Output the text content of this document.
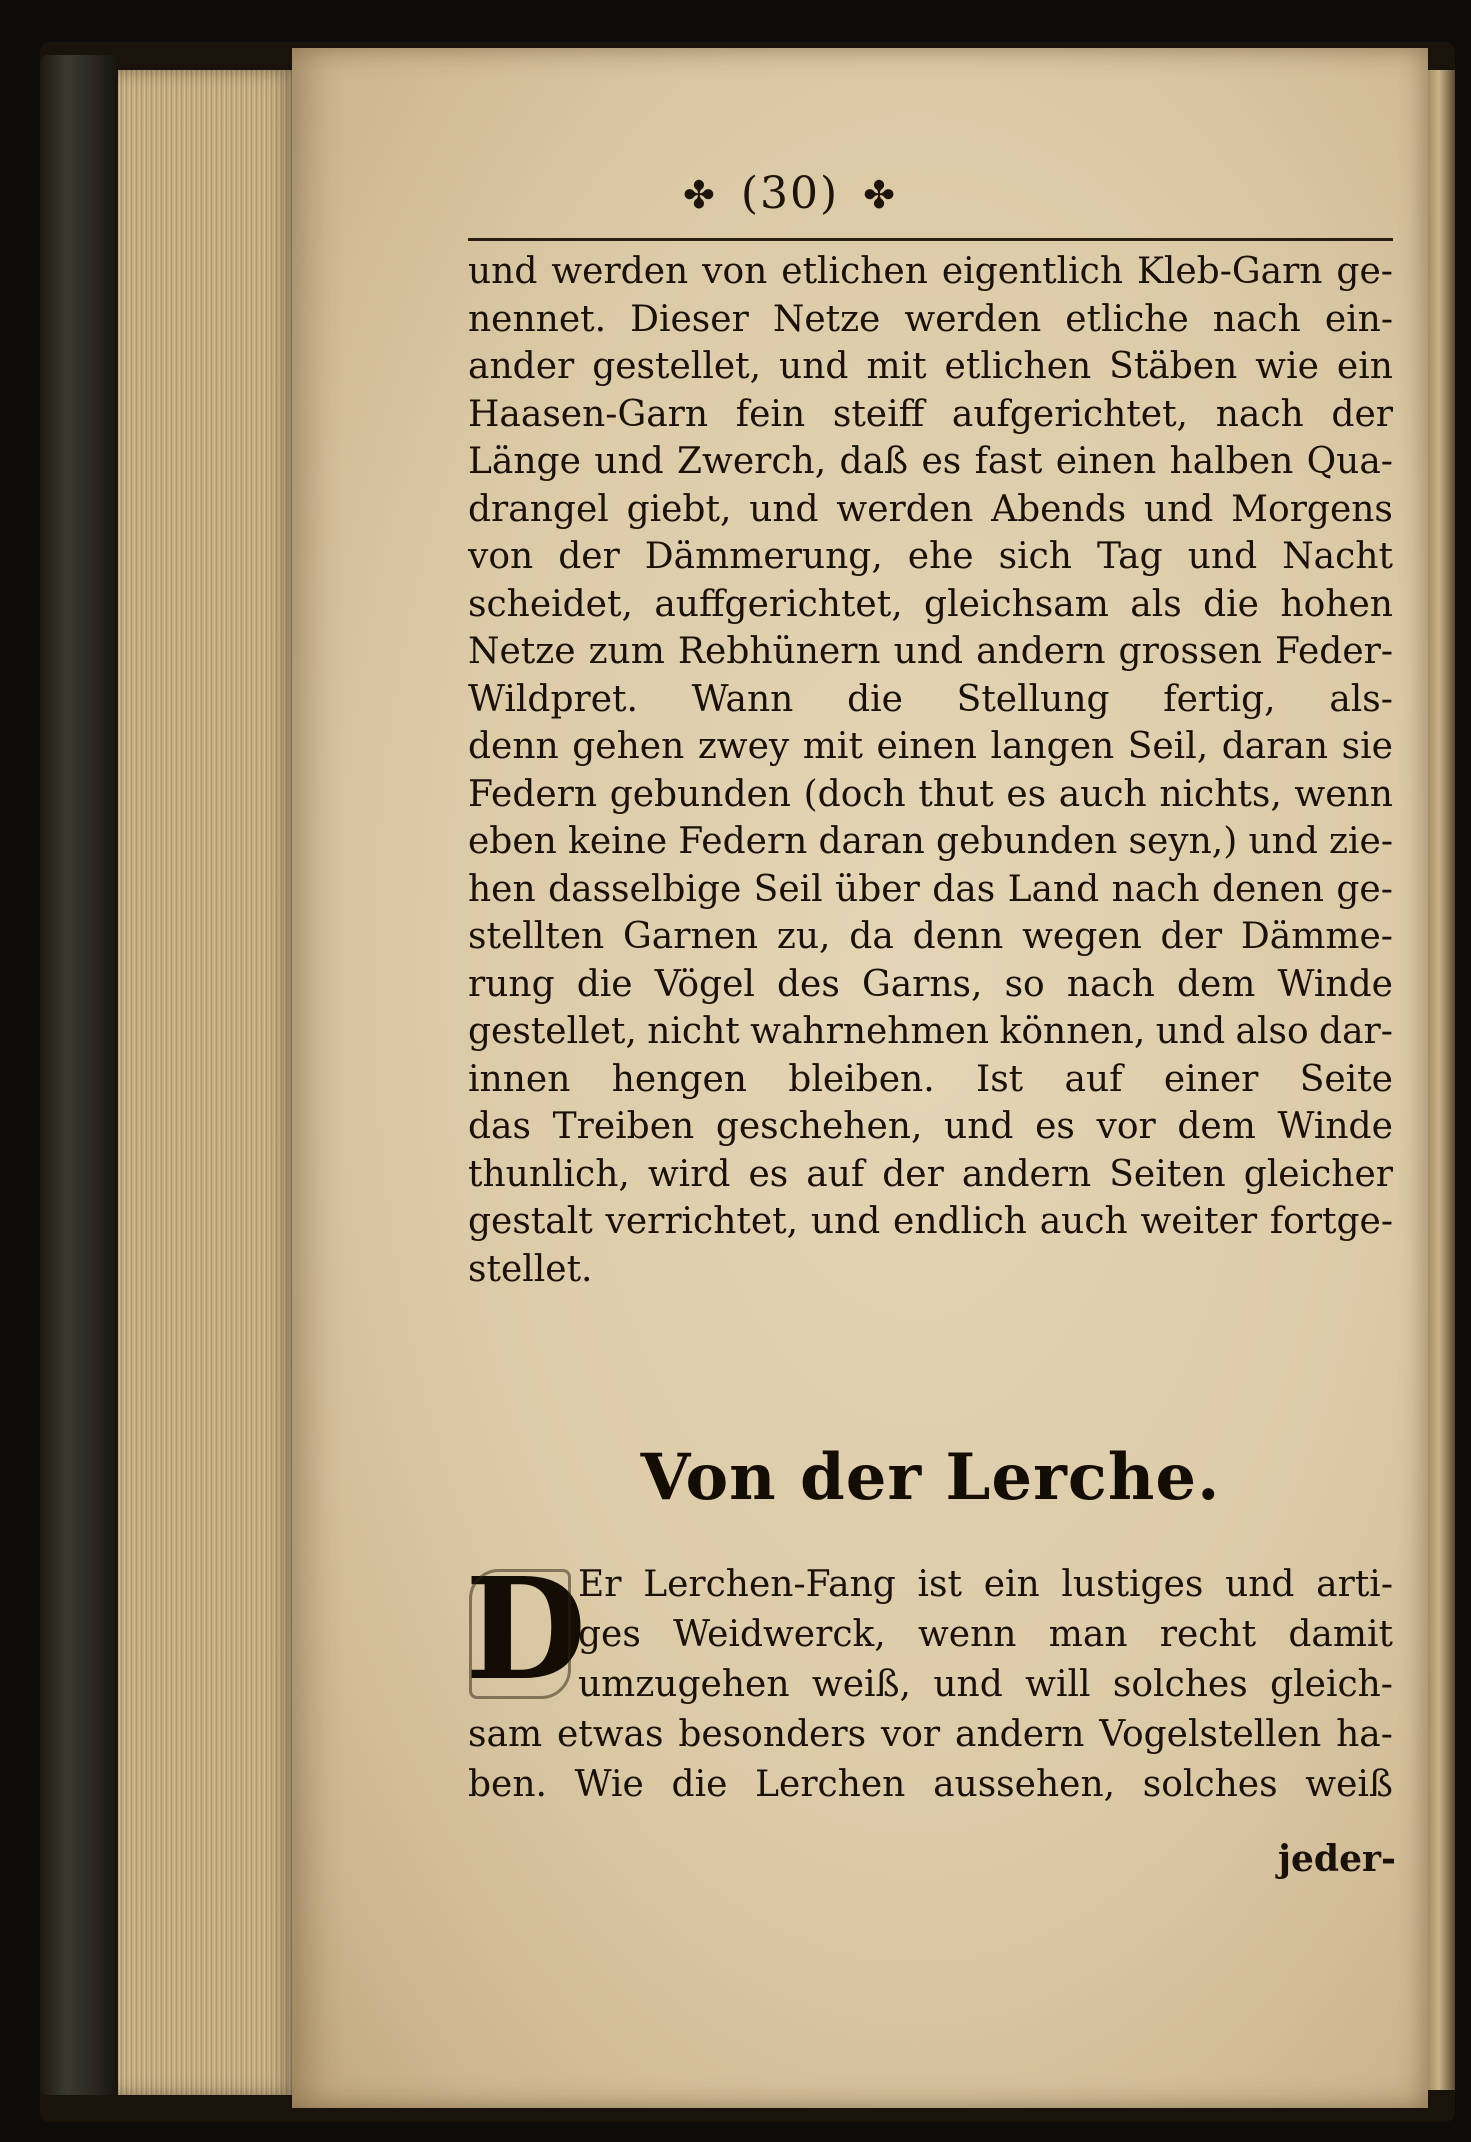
✤ (30) ✤
und werden von etlichen eigentlich Kleb-Garn ge-
nennet. Dieser Netze werden etliche nach ein-
ander gestellet, und mit etlichen Stäben wie ein
Haasen-Garn fein steiff aufgerichtet, nach der
Länge und Zwerch, daß es fast einen halben Qua-
drangel giebt, und werden Abends und Morgens
von der Dämmerung, ehe sich Tag und Nacht
scheidet, auffgerichtet, gleichsam als die hohen
Netze zum Rebhünern und andern grossen Feder-
Wildpret. Wann die Stellung fertig, als-
denn gehen zwey mit einen langen Seil, daran sie
Federn gebunden (doch thut es auch nichts, wenn
eben keine Federn daran gebunden seyn,) und zie-
hen dasselbige Seil über das Land nach denen ge-
stellten Garnen zu, da denn wegen der Dämme-
rung die Vögel des Garns, so nach dem Winde
gestellet, nicht wahrnehmen können, und also dar-
innen hengen bleiben. Ist auf einer Seite
das Treiben geschehen, und es vor dem Winde
thunlich, wird es auf der andern Seiten gleicher
gestalt verrichtet, und endlich auch weiter fortge-
stellet.
Von der Lerche.
D
Er Lerchen-Fang ist ein lustiges und arti-
ges Weidwerck, wenn man recht damit
umzugehen weiß, und will solches gleich-
sam etwas besonders vor andern Vogelstellen ha-
ben. Wie die Lerchen aussehen, solches weiß
jeder-
